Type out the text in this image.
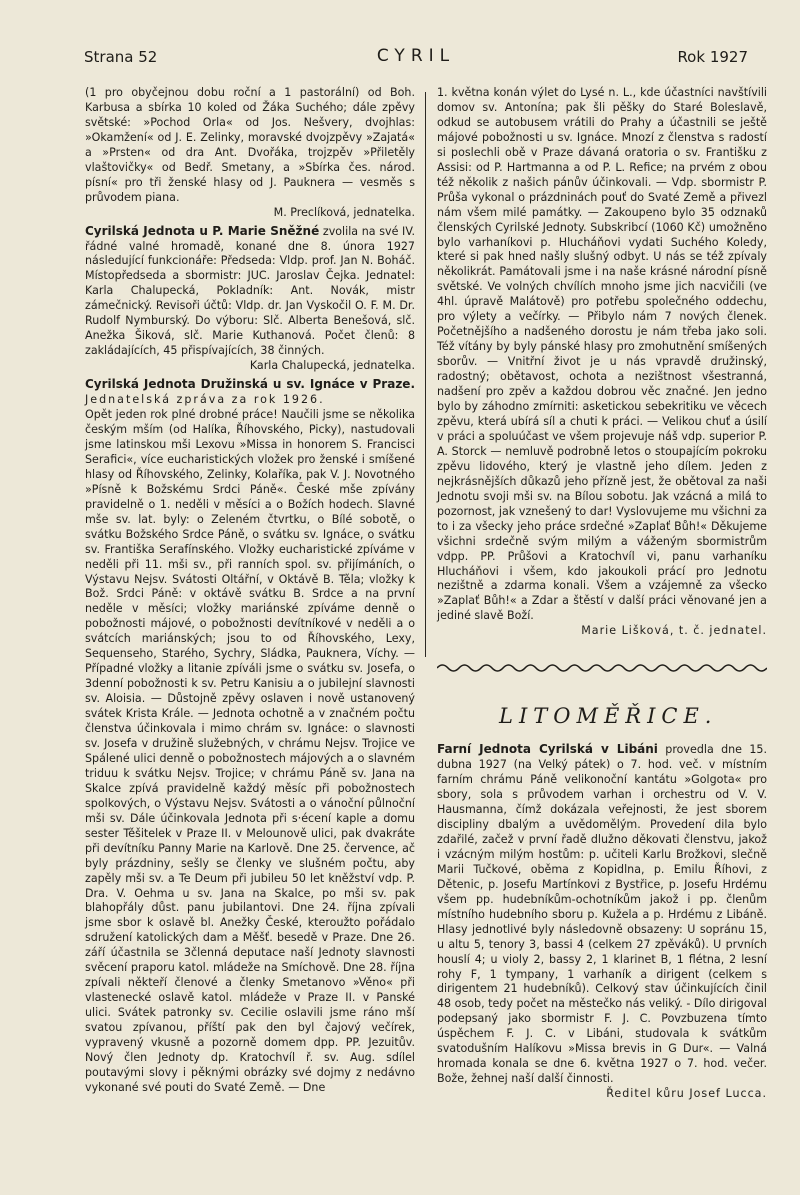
Strana 52	CYRIL	Rok 1927

(1 pro obyčejnou dobu roční a 1 pastorální) od Boh. Karbusa a sbírka 10 koled od Žáka Suchého; dále zpěvy světské: »Pochod Orla« od Jos. Nešvery, dvojhlas: »Okamžení« od J. E. Zelinky, moravské dvojzpěvy »Zajatá« a »Prsten« od dra Ant. Dvořáka, trojzpěv »Přiletěly vlaštovičky« od Bedř. Smetany, a »Sbírka čes. národ. písní« pro tři ženské hlasy od J. Pauknera — vesměs s průvodem piana.

M. Preclíková, jednatelka.

Cyrilská Jednota u P. Marie Sněžné zvolila na své IV. řádné valné hromadě, konané dne 8. února 1927 následující funkcionáře: Předseda: Vldp. prof. Jan N. Boháč. Místopředseda a sbormistr: JUC. Jaroslav Čejka. Jednatel: Karla Chalupecká, Pokladník: Ant. Novák, mistr zámečnický. Revisoři účtů: Vldp. dr. Jan Vyskočil O. F. M. Dr. Rudolf Nymburský. Do výboru: Slč. Alberta Benešová, slč. Anežka Šiková, slč. Marie Kuthanová. Počet členů: 8 zakládajících, 45 přispívajících, 38 činných.

Karla Chalupecká, jednatelka.

Cyrilská Jednota Družinská u sv. Ignáce v Praze. Jednatelská zpráva za rok 1926.

Opět jeden rok plné drobné práce! Naučili jsme se několika českým mším (od Halíka, Říhovského, Picky), nastudovali jsme latinskou mši Lexovu »Missa in honorem S. Francisci Serafici«, více eucharistických vložek pro ženské i smíšené hlasy od Říhovského, Zelinky, Kolaříka, pak V. J. Novotného »Písně k Božskému Srdci Páně«. České mše zpívány pravidelně o 1. neděli v měsíci a o Božích hodech. Slavné mše sv. lat. byly: o Zeleném čtvrtku, o Bílé sobotě, o svátku Božského Srdce Páně, o svátku sv. Ignáce, o svátku sv. Františka Serafínského. Vložky eucharistické zpíváme v neděli při 11. mši sv., při ranních spol. sv. přijímáních, o Výstavu Nejsv. Svátosti Oltářní, v Oktávě B. Těla; vložky k Bož. Srdci Páně: v oktávě svátku B. Srdce a na první neděle v měsíci; vložky mariánské zpíváme denně o pobožnosti májové, o pobožnosti devítníkové v neděli a o svátcích mariánských; jsou to od Říhovského, Lexy, Sequenseho, Starého, Sychry, Sládka, Pauknera, Víchy. — Případné vložky a litanie zpíváli jsme o svátku sv. Josefa, o 3denní pobožnosti k sv. Petru Kanisiu a o jubilejní slavnosti sv. Aloisia. — Důstojně zpěvy oslaven i nově ustanovený svátek Krista Krále. — Jednota ochotně a v značném počtu členstva účinkovala i mimo chrám sv. Ignáce: o slavnosti sv. Josefa v družině služebných, v chrámu Nejsv. Trojice ve Spálené ulici denně o pobožnostech májových a o slavném triduu k svátku Nejsv. Trojice; v chrámu Páně sv. Jana na Skalce zpívá pravidelně každý měsíc při pobožnostech spolkových, o Výstavu Nejsv. Svátosti a o vánoční půlnoční mši sv. Dále účinkovala Jednota při s·écení kaple a domu sester Těšitelek v Praze II. v Melounově ulici, pak dvakráte při devítníku Panny Marie na Karlově. Dne 25. července, ač byly prázdniny, sešly se členky ve slušném počtu, aby zapěly mši sv. a Te Deum při jubileu 50 let kněžství vdp. P. Dra. V. Oehma u sv. Jana na Skalce, po mši sv. pak blahopřály důst. panu jubilantovi. Dne 24. října zpívali jsme sbor k oslavě bl. Anežky České, kteroužto pořádalo sdružení katolických dam a Měšť. besedě v Praze. Dne 26. září účastnila se 3členná deputace naší Jednoty slavnosti svěcení praporu katol. mládeže na Smíchově. Dne 28. října zpívali někteří členové a členky Smetanovo »Věno« při vlastenecké oslavě katol. mládeže v Praze II. v Panské ulici. Svátek patronky sv. Cecilie oslavili jsme ráno mší svatou zpívanou, příští pak den byl čajový večírek, vypravený vkusně a pozorně domem dpp. PP. Jezuitův. Nový člen Jednoty dp. Kratochvíl ř. sv. Aug. sdílel poutavými slovy i pěknými obrázky své dojmy z nedávno vykonané své pouti do Svaté Země. — Dne

1. května konán výlet do Lysé n. L., kde účastníci navštívili domov sv. Antonína; pak šli pěšky do Staré Boleslavě, odkud se autobusem vrátili do Prahy a účastnili se ještě májové pobožnosti u sv. Ignáce. Mnozí z členstva s radostí si poslechli obě v Praze dávaná oratoria o sv. Františku z Assisi: od P. Hartmanna a od P. L. Refice; na prvém z obou též několik z našich pánův účinkovali. — Vdp. sbormistr P. Průša vykonal o prázdninách pouť do Svaté Země a přivezl nám všem milé památky. — Zakoupeno bylo 35 odznaků členských Cyrilské Jednoty. Subskribcí (1060 Kč) umožněno bylo varhaníkovi p. Hlucháňovi vydati Suchého Koledy, které si pak hned našly slušný odbyt. U nás se též zpívaly několikrát. Památovali jsme i na naše krásné národní písně světské. Ve volných chvílích mnoho jsme jich nacvičili (ve 4hl. úpravě Malátově) pro potřebu společného oddechu, pro výlety a večírky. — Přibylo nám 7 nových členek. Početnějšího a nadšeného dorostu je nám třeba jako soli. Též vítány by byly pánské hlasy pro zmohutnění smíšených sborův. — Vnitřní život je u nás vpravdě družinský, radostný; obětavost, ochota a nezištnost všestranná, nadšení pro zpěv a každou dobrou věc značné. Jen jedno bylo by záhodno zmírniti: asketickou sebekritiku ve věcech zpěvu, která ubírá síl a chuti k práci. — Velikou chuť a úsilí v práci a spoluúčast ve všem projevuje náš vdp. superior P. A. Storck — nemluvě podrobně letos o stoupajícím pokroku zpěvu lidového, který je vlastně jeho dílem. Jeden z nejkrásnějších důkazů jeho přízně jest, že obětoval za naši Jednotu svoji mši sv. na Bílou sobotu. Jak vzácná a milá to pozornost, jak vznešený to dar! Vyslovujeme mu všichni za to i za všecky jeho práce srdečné »Zaplať Bůh!« Děkujeme všichni srdečně svým milým a váženým sbormistrům vdpp. PP. Průšovi a Kratochvíl vi, panu varhaníku Hlucháňovi i všem, kdo jakoukoli prácí pro Jednotu nezištně a zdarma konali. Všem a vzájemně za všecko »Zaplať Bůh!« a Zdar a štěstí v další práci věnované jen a jediné slavě Boží.

Marie Lišková, t. č. jednatel.

LITOMĚŘICE.

Farní Jednota Cyrilská v Libáni provedla dne 15. dubna 1927 (na Velký pátek) o 7. hod. več. v místním farním chrámu Páně velikonoční kantátu »Golgota« pro sbory, sola s průvodem varhan i orchestru od V. V. Hausmanna, čímž dokázala veřejnosti, že jest sborem discipliny dbalým a uvědomělým. Provedení dila bylo zdařilé, začež v první řadě dlužno děkovati členstvu, jakož i vzácným milým hostům: p. učiteli Karlu Brožkovi, slečně Marii Tučkové, oběma z Kopidlna, p. Emilu Říhovi, z Dětenic, p. Josefu Martínkovi z Bystřice, p. Josefu Hrdému všem pp. hudebníkům-ochotníkům jakož i pp. členům místního hudebního sboru p. Kužela a p. Hrdému z Libáně. Hlasy jednotlivé byly následovně obsazeny: U sopránu 15, u altu 5, tenory 3, bassi 4 (celkem 27 zpěváků). U prvních houslí 4; u violy 2, bassy 2, 1 klarinet B, 1 flétna, 2 lesní rohy F, 1 tympany, 1 varhaník a dirigent (celkem s dirigentem 21 hudebníků). Celkový stav účinkujících činil 48 osob, tedy počet na městečko nás veliký. - Dílo dirigoval podepsaný jako sbormistr F. J. C. Povzbuzena tímto úspěchem F. J. C. v Libáni, studovala k svátkům svatodušním Halíkovu »Missa brevis in G Dur«. — Valná hromada konala se dne 6. května 1927 o 7. hod. večer. Bože, žehnej naší další činnosti.

Ředitel kůru Josef Lucca.
